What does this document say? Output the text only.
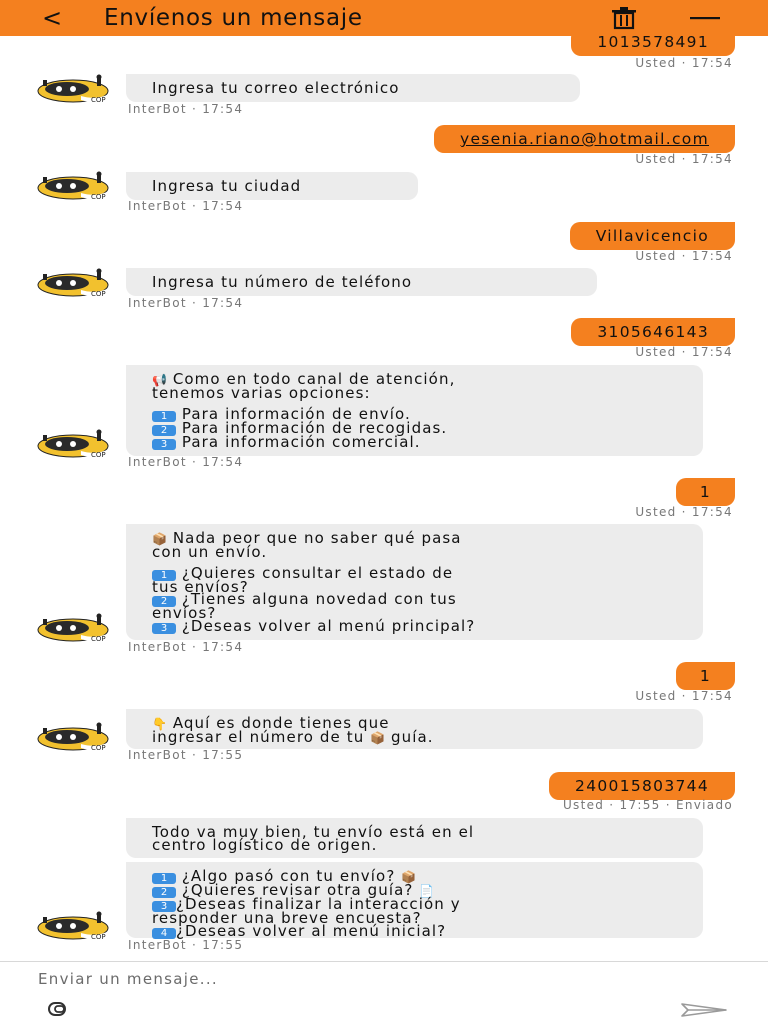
< Envíenos un mensaje
1013578491
Usted · 17:54
COP
Ingresa tu correo electrónico
InterBot · 17:54
yesenia.riano@hotmail.com
Usted · 17:54
COP
Ingresa tu ciudad
InterBot · 17:54
Villavicencio
Usted · 17:54
COP
Ingresa tu número de teléfono
InterBot · 17:54
3105646143
Usted · 17:54
COP
📢 Como en todo canal de atención,
tenemos varias opciones:
1 Para información de envío.
2 Para información de recogidas.
3 Para información comercial.
InterBot · 17:54
1
Usted · 17:54
COP
📦 Nada peor que no saber qué pasa
con un envío.
1 ¿Quieres consultar el estado de
tus envíos?
2 ¿Tienes alguna novedad con tus
envíos?
3 ¿Deseas volver al menú principal?
InterBot · 17:54
1
Usted · 17:54
COP
👇 Aquí es donde tienes que
ingresar el número de tu 📦 guía.
InterBot · 17:55
240015803744
Usted · 17:55 · Enviado
Todo va muy bien, tu envío está en el
centro logístico de origen.
COP
1 ¿Algo pasó con tu envío? 📦
2 ¿Quieres revisar otra guía? 📄
3 ¿Deseas finalizar la interacción y
responder una breve encuesta?
4 ¿Deseas volver al menú inicial?
InterBot · 17:55
Enviar un mensaje...
